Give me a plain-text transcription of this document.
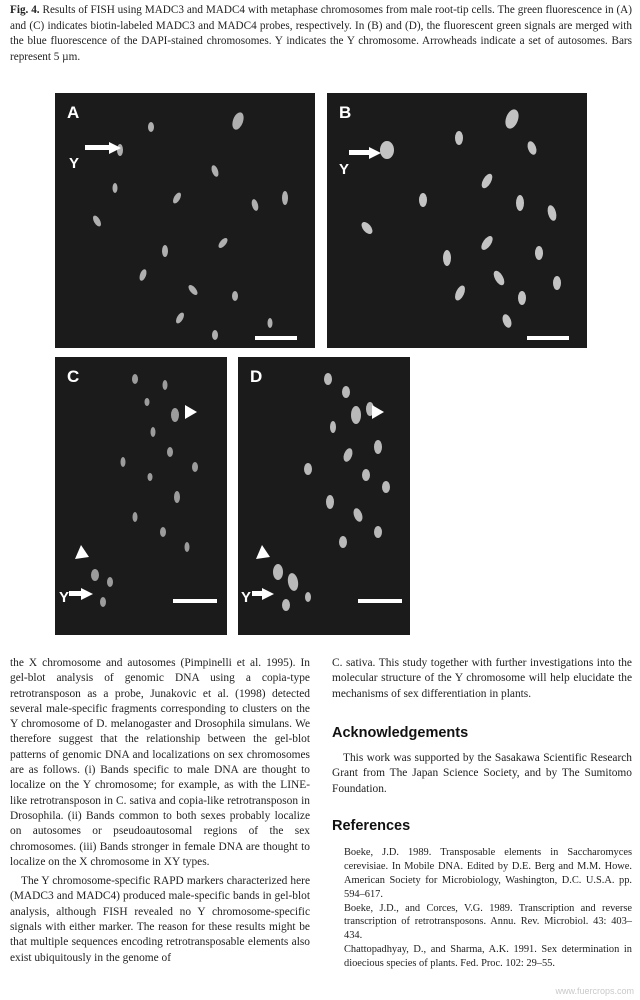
Fig. 4. Results of FISH using MADC3 and MADC4 with metaphase chromosomes from male root-tip cells. The green fluorescence in (A) and (C) indicates biotin-labeled MADC3 and MADC4 probes, respectively. In (B) and (D), the fluorescent green signals are merged with the blue fluorescence of the DAPI-stained chromosomes. Y indicates the Y chromosome. Arrowheads indicate a set of autosomes. Bars represent 5 µm.
A
Y
B
Y
C
Y
D
Y

the X chromosome and autosomes (Pimpinelli et al. 1995). In gel-blot analysis of genomic DNA using a copia-type retrotransposon as a probe, Junakovic et al. (1998) detected several male-specific fragments corresponding to clusters on the Y chromosome of D. melanogaster and Drosophila simulans. We therefore suggest that the relationship between the gel-blot patterns of genomic DNA and localizations on sex chromosomes are as follows. (i) Bands specific to male DNA are thought to localize on the Y chromosome; for example, as with the LINE-like retrotransposon in C. sativa and copia-like retrotransposon in Drosophila. (ii) Bands common to both sexes probably localize on autosomes or pseudoautosomal regions of the sex chromosomes. (iii) Bands stronger in female DNA are thought to localize on the X chromosome in XY types.

The Y chromosome-specific RAPD markers characterized here (MADC3 and MADC4) produced male-specific bands in gel-blot analysis, although FISH revealed no Y chromosome-specific signals with either marker. The reason for these results might be that multiple sequences encoding retrotransposable elements also exist ubiquitously in the genome of

C. sativa. This study together with further investigations into the molecular structure of the Y chromosome will help elucidate the mechanisms of sex differentiation in plants.

Acknowledgements

This work was supported by the Sasakawa Scientific Research Grant from The Japan Science Society, and by The Sumitomo Foundation.

References

Boeke, J.D. 1989. Transposable elements in Saccharomyces cerevisiae. In Mobile DNA. Edited by D.E. Berg and M.M. Howe. American Society for Microbiology, Washington, D.C. U.S.A. pp. 594–617.

Boeke, J.D., and Corces, V.G. 1989. Transcription and reverse transcription of retrotransposons. Annu. Rev. Microbiol. 43: 403–434.

Chattopadhyay, D., and Sharma, A.K. 1991. Sex determination in dioecious species of plants. Fed. Proc. 102: 29–55.

www.fuercrops.com
